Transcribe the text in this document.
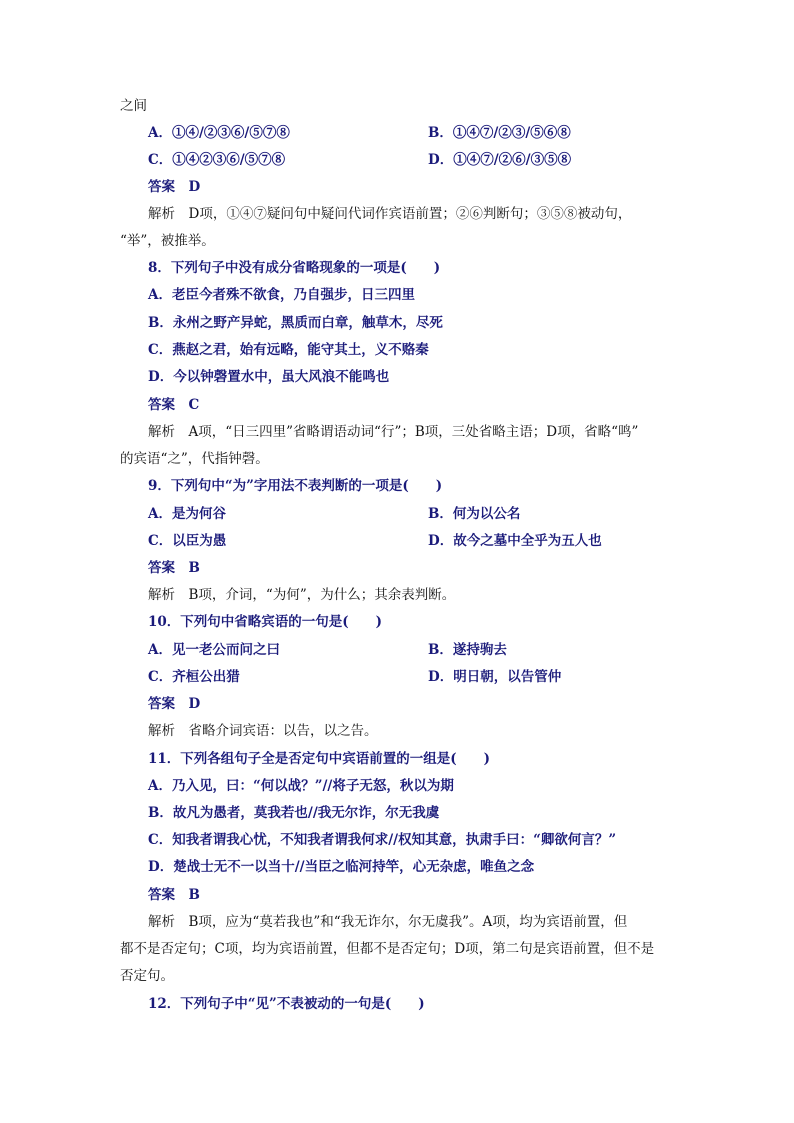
之间
A．①④/②③⑥/⑤⑦⑧	B．①④⑦/②③/⑤⑥⑧
C．①④②③⑥/⑤⑦⑧	D．①④⑦/②⑥/③⑤⑧
答案　D
解析　D项，①④⑦疑问句中疑问代词作宾语前置；②⑥判断句；③⑤⑧被动句，
“举”，被推举。
8．下列句子中没有成分省略现象的一项是(　　)
A．老臣今者殊不欲食，乃自强步，日三四里
B．永州之野产异蛇，黑质而白章，触草木，尽死
C．燕赵之君，始有远略，能守其土，义不赂秦
D．今以钟磬置水中，虽大风浪不能鸣也
答案　C
解析　A项，“日三四里”省略谓语动词“行”；B项，三处省略主语；D项，省略“鸣”
的宾语“之”，代指钟磬。
9．下列句中“为”字用法不表判断的一项是(　　)
A．是为何谷	B．何为以公名
C．以臣为愚	D．故今之墓中全乎为五人也
答案　B
解析　B项，介词，“为何”，为什么；其余表判断。
10．下列句中省略宾语的一句是(　　)
A．见一老公而问之曰	B．遂持驹去
C．齐桓公出猎	D．明日朝，以告管仲
答案　D
解析　省略介词宾语：以告，以之告。
11．下列各组句子全是否定句中宾语前置的一组是(　　)
A．乃入见，曰：“何以战？”//将子无怒，秋以为期
B．故凡为愚者，莫我若也//我无尔诈，尔无我虞
C．知我者谓我心忧，不知我者谓我何求//权知其意，执肃手曰：“卿欲何言？”
D．楚战士无不一以当十//当臣之临河持竿，心无杂虑，唯鱼之念
答案　B
解析　B项，应为“莫若我也”和“我无诈尔，尔无虞我”。A项，均为宾语前置，但
都不是否定句；C项，均为宾语前置，但都不是否定句；D项，第二句是宾语前置，但不是
否定句。
12．下列句子中“见”不表被动的一句是(　　)
